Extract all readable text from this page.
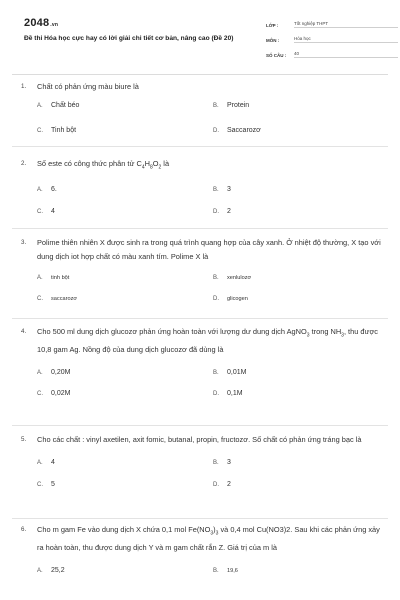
2048.vn
Đề thi Hóa học cực hay có lời giải chi tiết cơ bản, nâng cao (Đề 20)
LỚP :	Tốt nghiệp THPT
MÔN :	Hóa học
SỐ CÂU :	40
1. Chất có phản ứng màu biure là
A. Chất béo	B. Protein
C. Tinh bột	D. Saccarozơ
2. Số este có công thức phân tử $C_4H_8O_2$ là
A. 6.	B. 3
C. 4	D. 2
3. Polime thiên nhiên X được sinh ra trong quá trình quang hợp của cây xanh. Ở nhiệt độ thường, X tạo với dung dịch iot hợp chất có màu xanh tím. Polime X là
A. tinh bột	B. xenlulozơ
C. saccarozơ	D. glicogen
4. Cho 500 ml dung dịch glucozơ phản ứng hoàn toàn với lượng dư dung dịch AgNO$_3$ trong $NH_3$, thu được 10,8 gam Ag. Nồng độ của dung dịch glucozơ đã dùng là
A. 0,20M	B. 0,01M
C. 0,02M	D. 0,1M
5. Cho các chất : vinyl axetilen, axit fomic, butanal, propin, fructozơ. Số chất có phản ứng tráng bạc là
A. 4	B. 3
C. 5	D. 2
6. Cho m gam Fe vào dung dịch X chứa 0,1 mol $Fe(NO_3)_3$ và 0,4 mol Cu(NO3)2. Sau khi các phản ứng xảy ra hoàn toàn, thu được dung dịch Y và m gam chất rắn Z. Giá trị của m là
A. 25,2	B. 19,6
